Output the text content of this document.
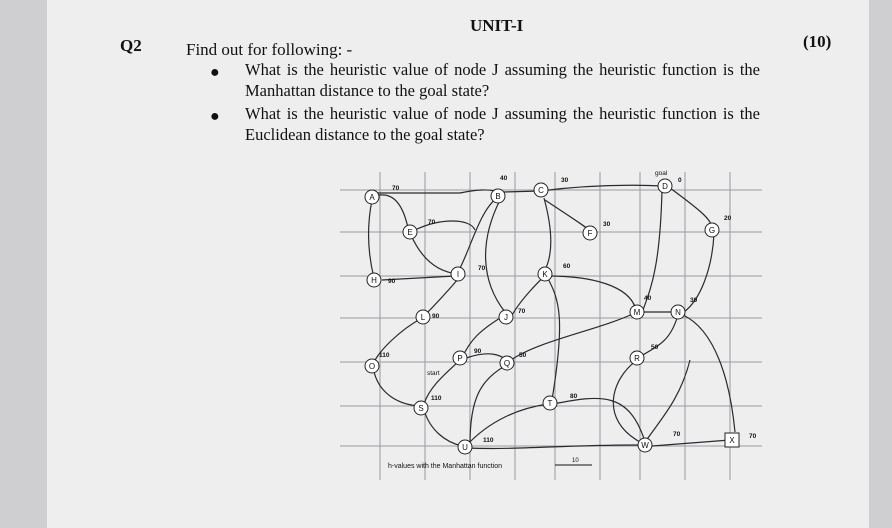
UNIT-I
Q2	(10)
Find out for following: -
● What is the heuristic value of node J assuming the heuristic function is the Manhattan distance to the goal state?
● What is the heuristic value of node J assuming the heuristic function is the Euclidean distance to the goal state?
A	B
C	D
E	F	G
H
I
J
K
L
M	N
O
P
Q
R
S
T
U	W
X
70
70
40	30
30
20
90
70	60
40	30
90
70
110
90
50
50
110	80
110
70	70
0
goal
start
h-values with the Manhattan function
10
